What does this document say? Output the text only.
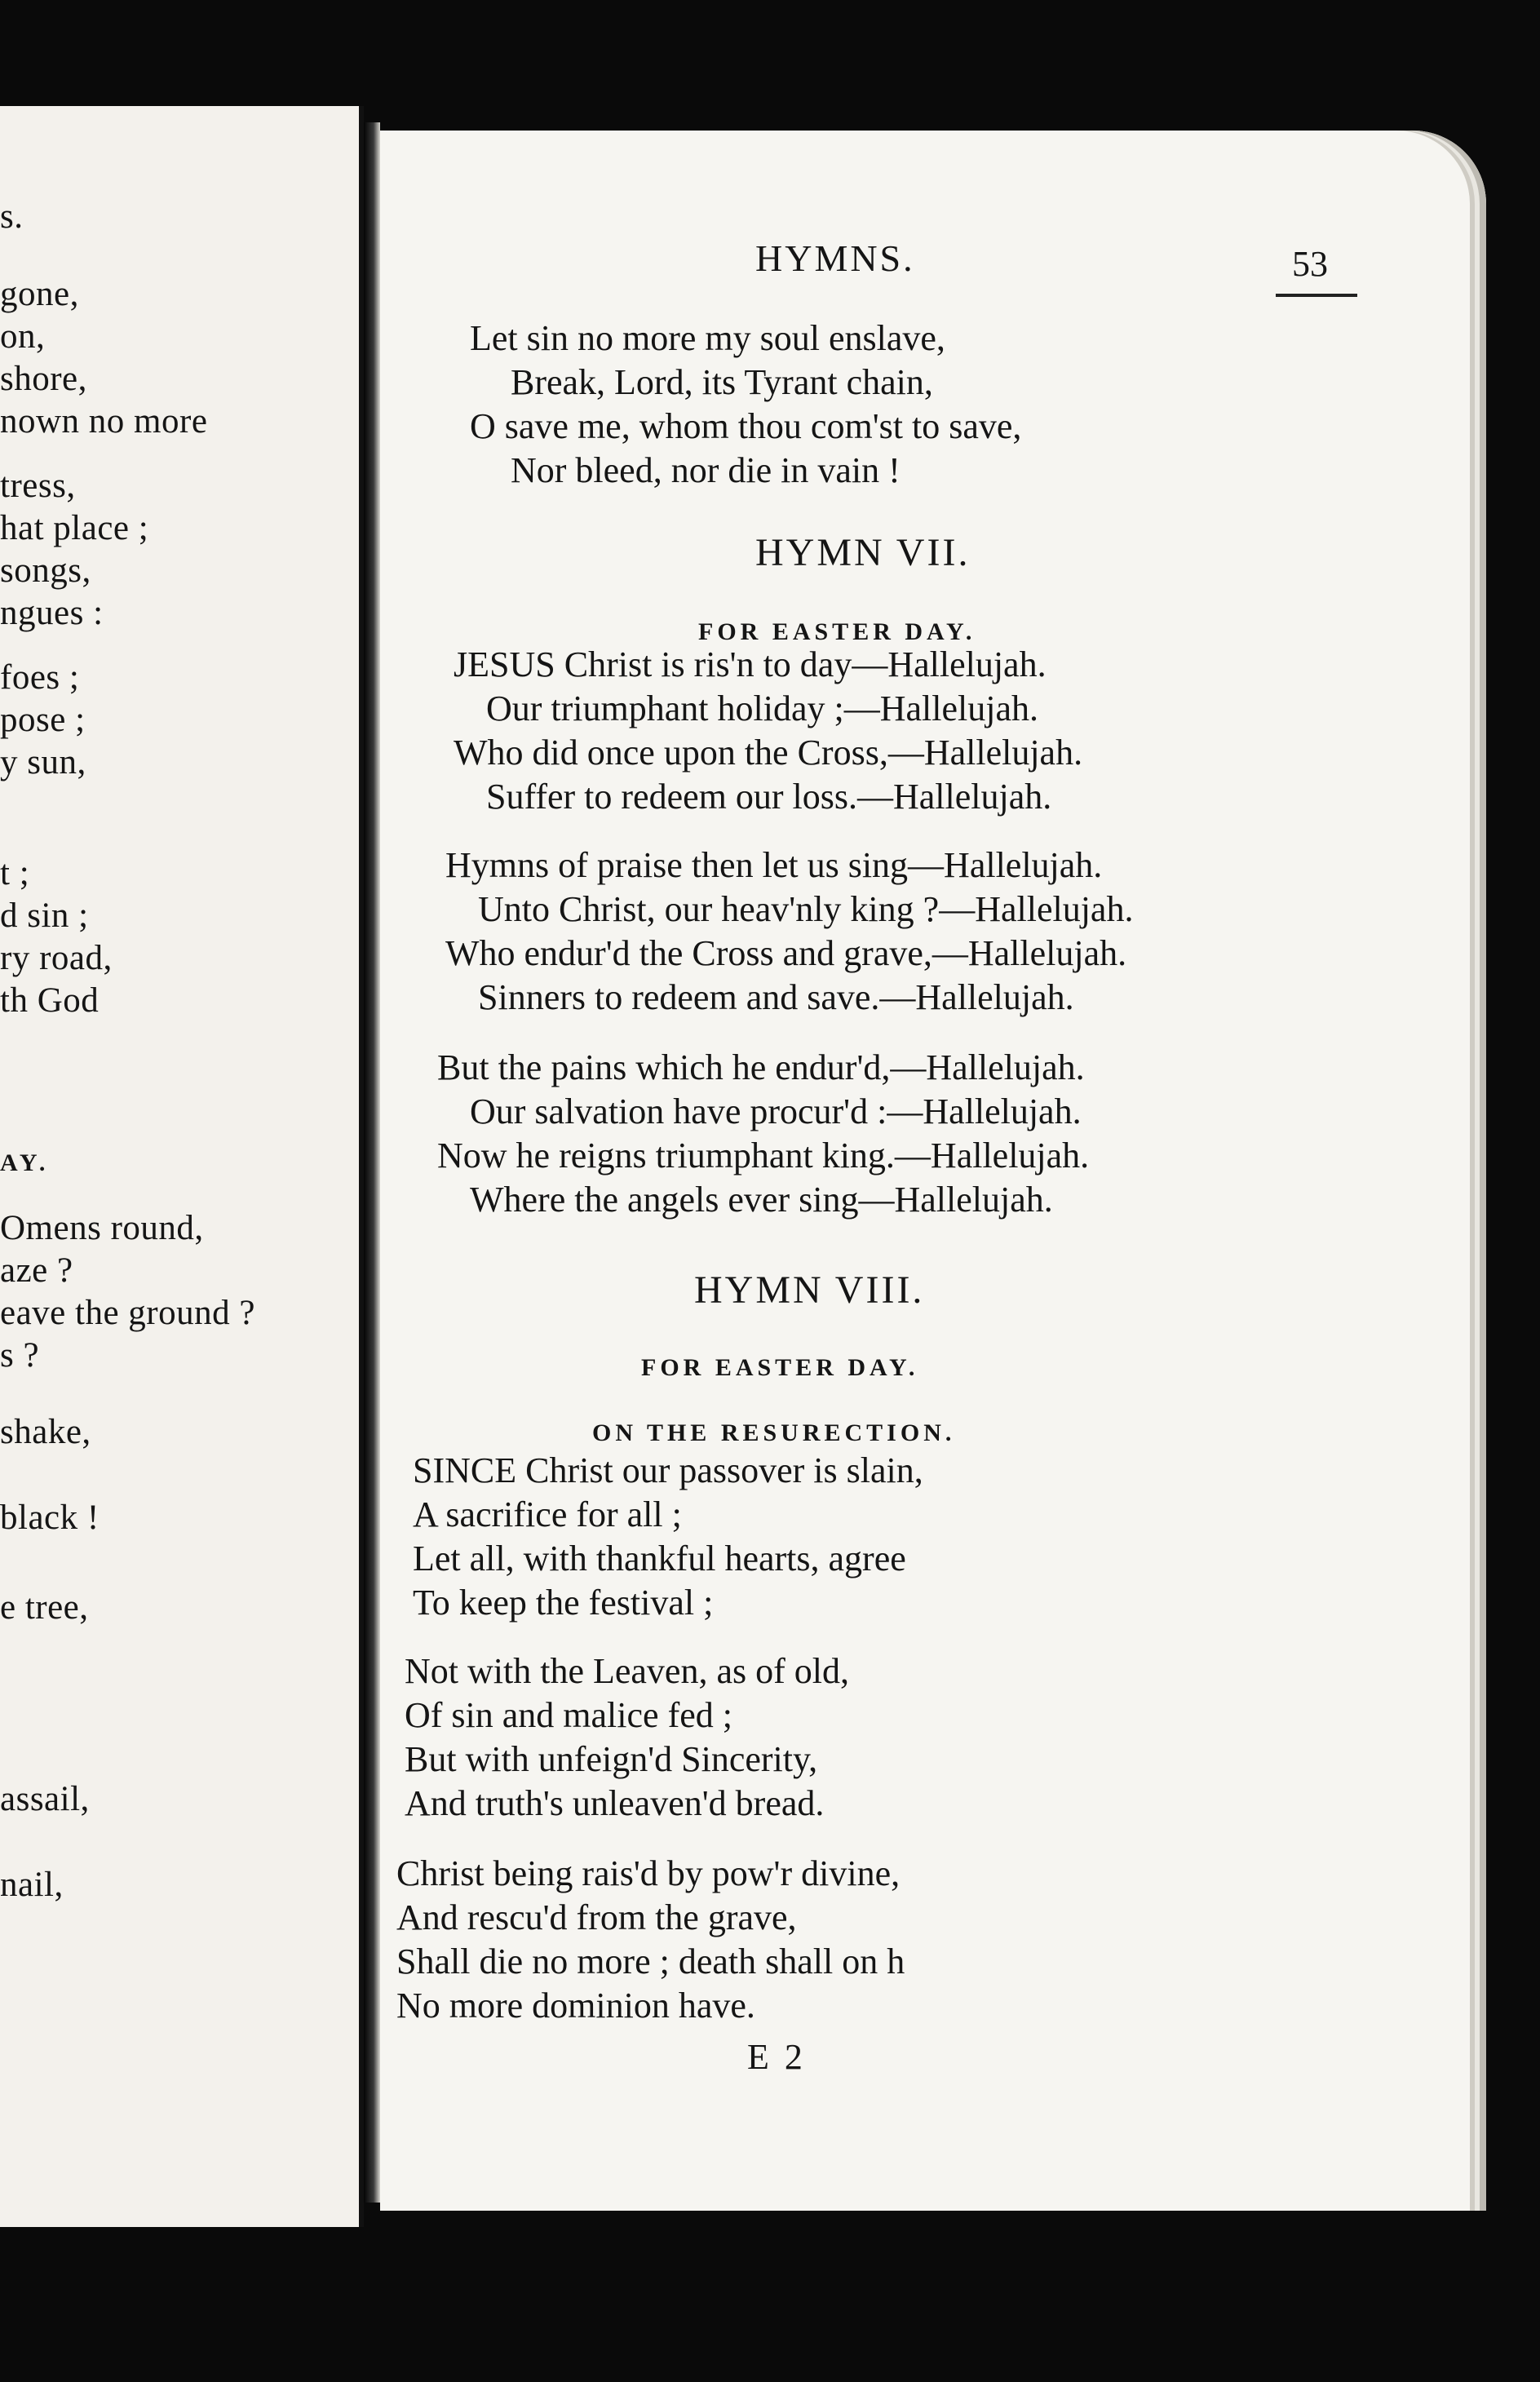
s.
gone,
on,
shore,
nown no more
tress,
hat place ;
songs,
ngues :
foes ;
pose ;
y sun,
t ;
d sin ;
ry road,
th God
AY.
Omens round,
aze ?
eave the ground ?
s ?
shake,
black !
e tree,
assail,
nail,
HYMNS.	53
Let sin no more my soul enslave,
Break, Lord, its Tyrant chain,
O save me, whom thou com'st to save,
Nor bleed, nor die in vain !
HYMN VII.
FOR EASTER DAY.
JESUS Christ is ris'n to day—Hallelujah.
Our triumphant holiday ;—Hallelujah.
Who did once upon the Cross,—Hallelujah.
Suffer to redeem our loss.—Hallelujah.
Hymns of praise then let us sing—Hallelujah.
Unto Christ, our heav'nly king ?—Hallelujah.
Who endur'd the Cross and grave,—Hallelujah.
Sinners to redeem and save.—Hallelujah.
But the pains which he endur'd,—Hallelujah.
Our salvation have procur'd :—Hallelujah.
Now he reigns triumphant king.—Hallelujah.
Where the angels ever sing—Hallelujah.
HYMN VIII.
FOR EASTER DAY.
ON THE RESURECTION.
SINCE Christ our passover is slain,
A sacrifice for all ;
Let all, with thankful hearts, agree
To keep the festival ;
Not with the Leaven, as of old,
Of sin and malice fed ;
But with unfeign'd Sincerity,
And truth's unleaven'd bread.
Christ being rais'd by pow'r divine,
And rescu'd from the grave,
Shall die no more ; death shall on h
No more dominion have.
E 2
